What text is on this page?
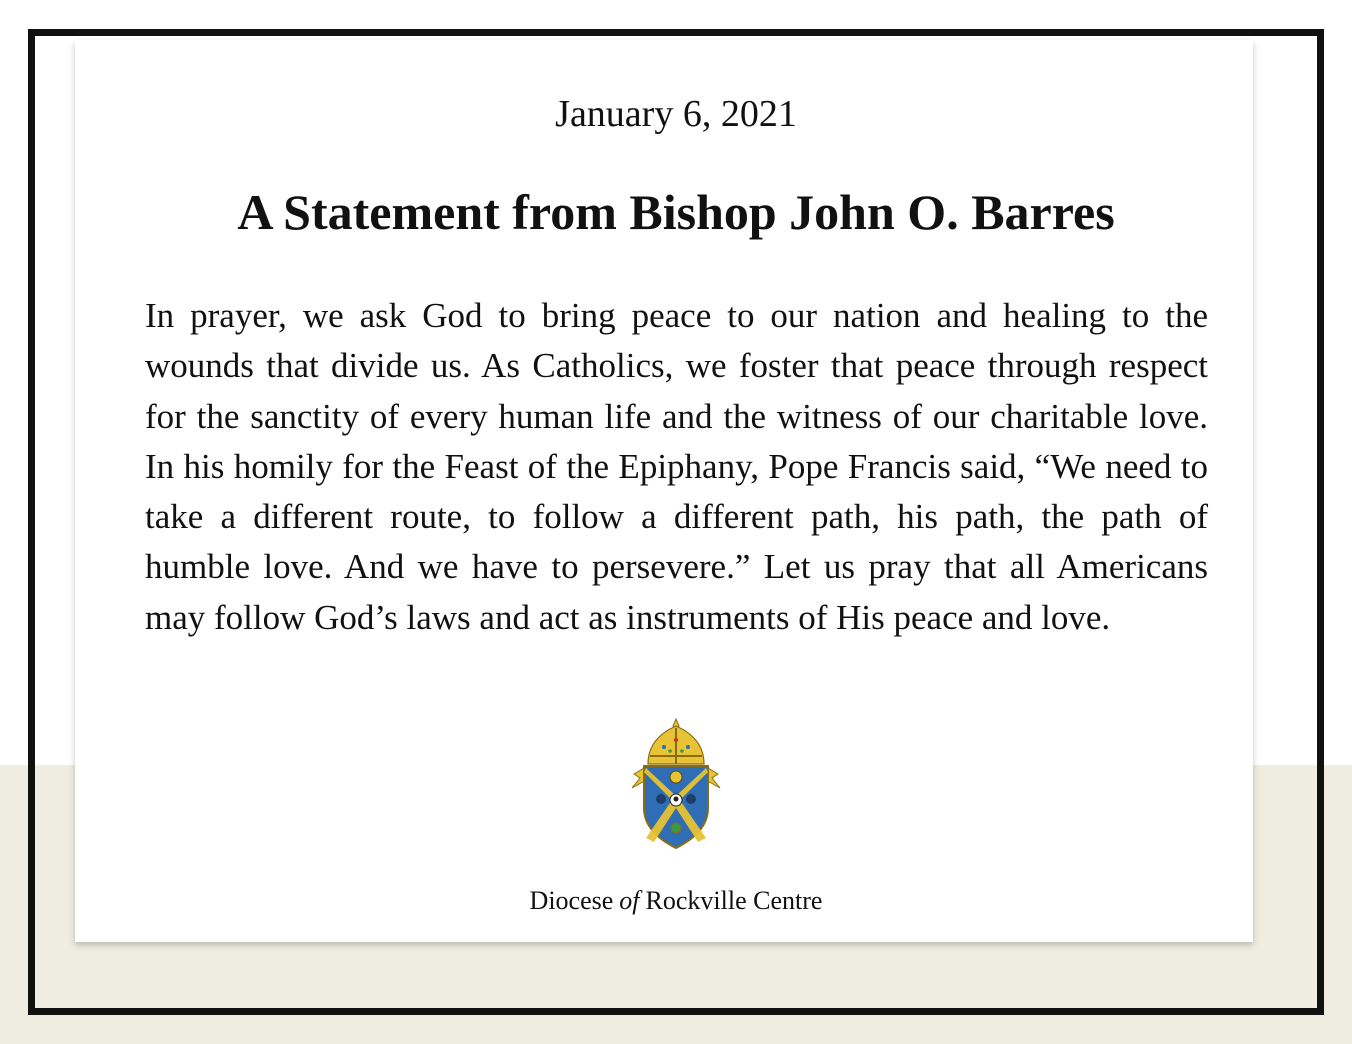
January 6, 2021
A Statement from Bishop John O. Barres

In prayer, we ask God to bring peace to our nation and healing to the wounds that divide us. As Catholics, we foster that peace through respect for the sanctity of every human life and the witness of our charitable love. In his homily for the Feast of the Epiphany, Pope Francis said, “We need to take a different route, to follow a different path, his path, the path of humble love. And we have to persevere.” Let us pray that all Americans may follow God’s laws and act as instruments of His peace and love.

Diocese of Rockville Centre
